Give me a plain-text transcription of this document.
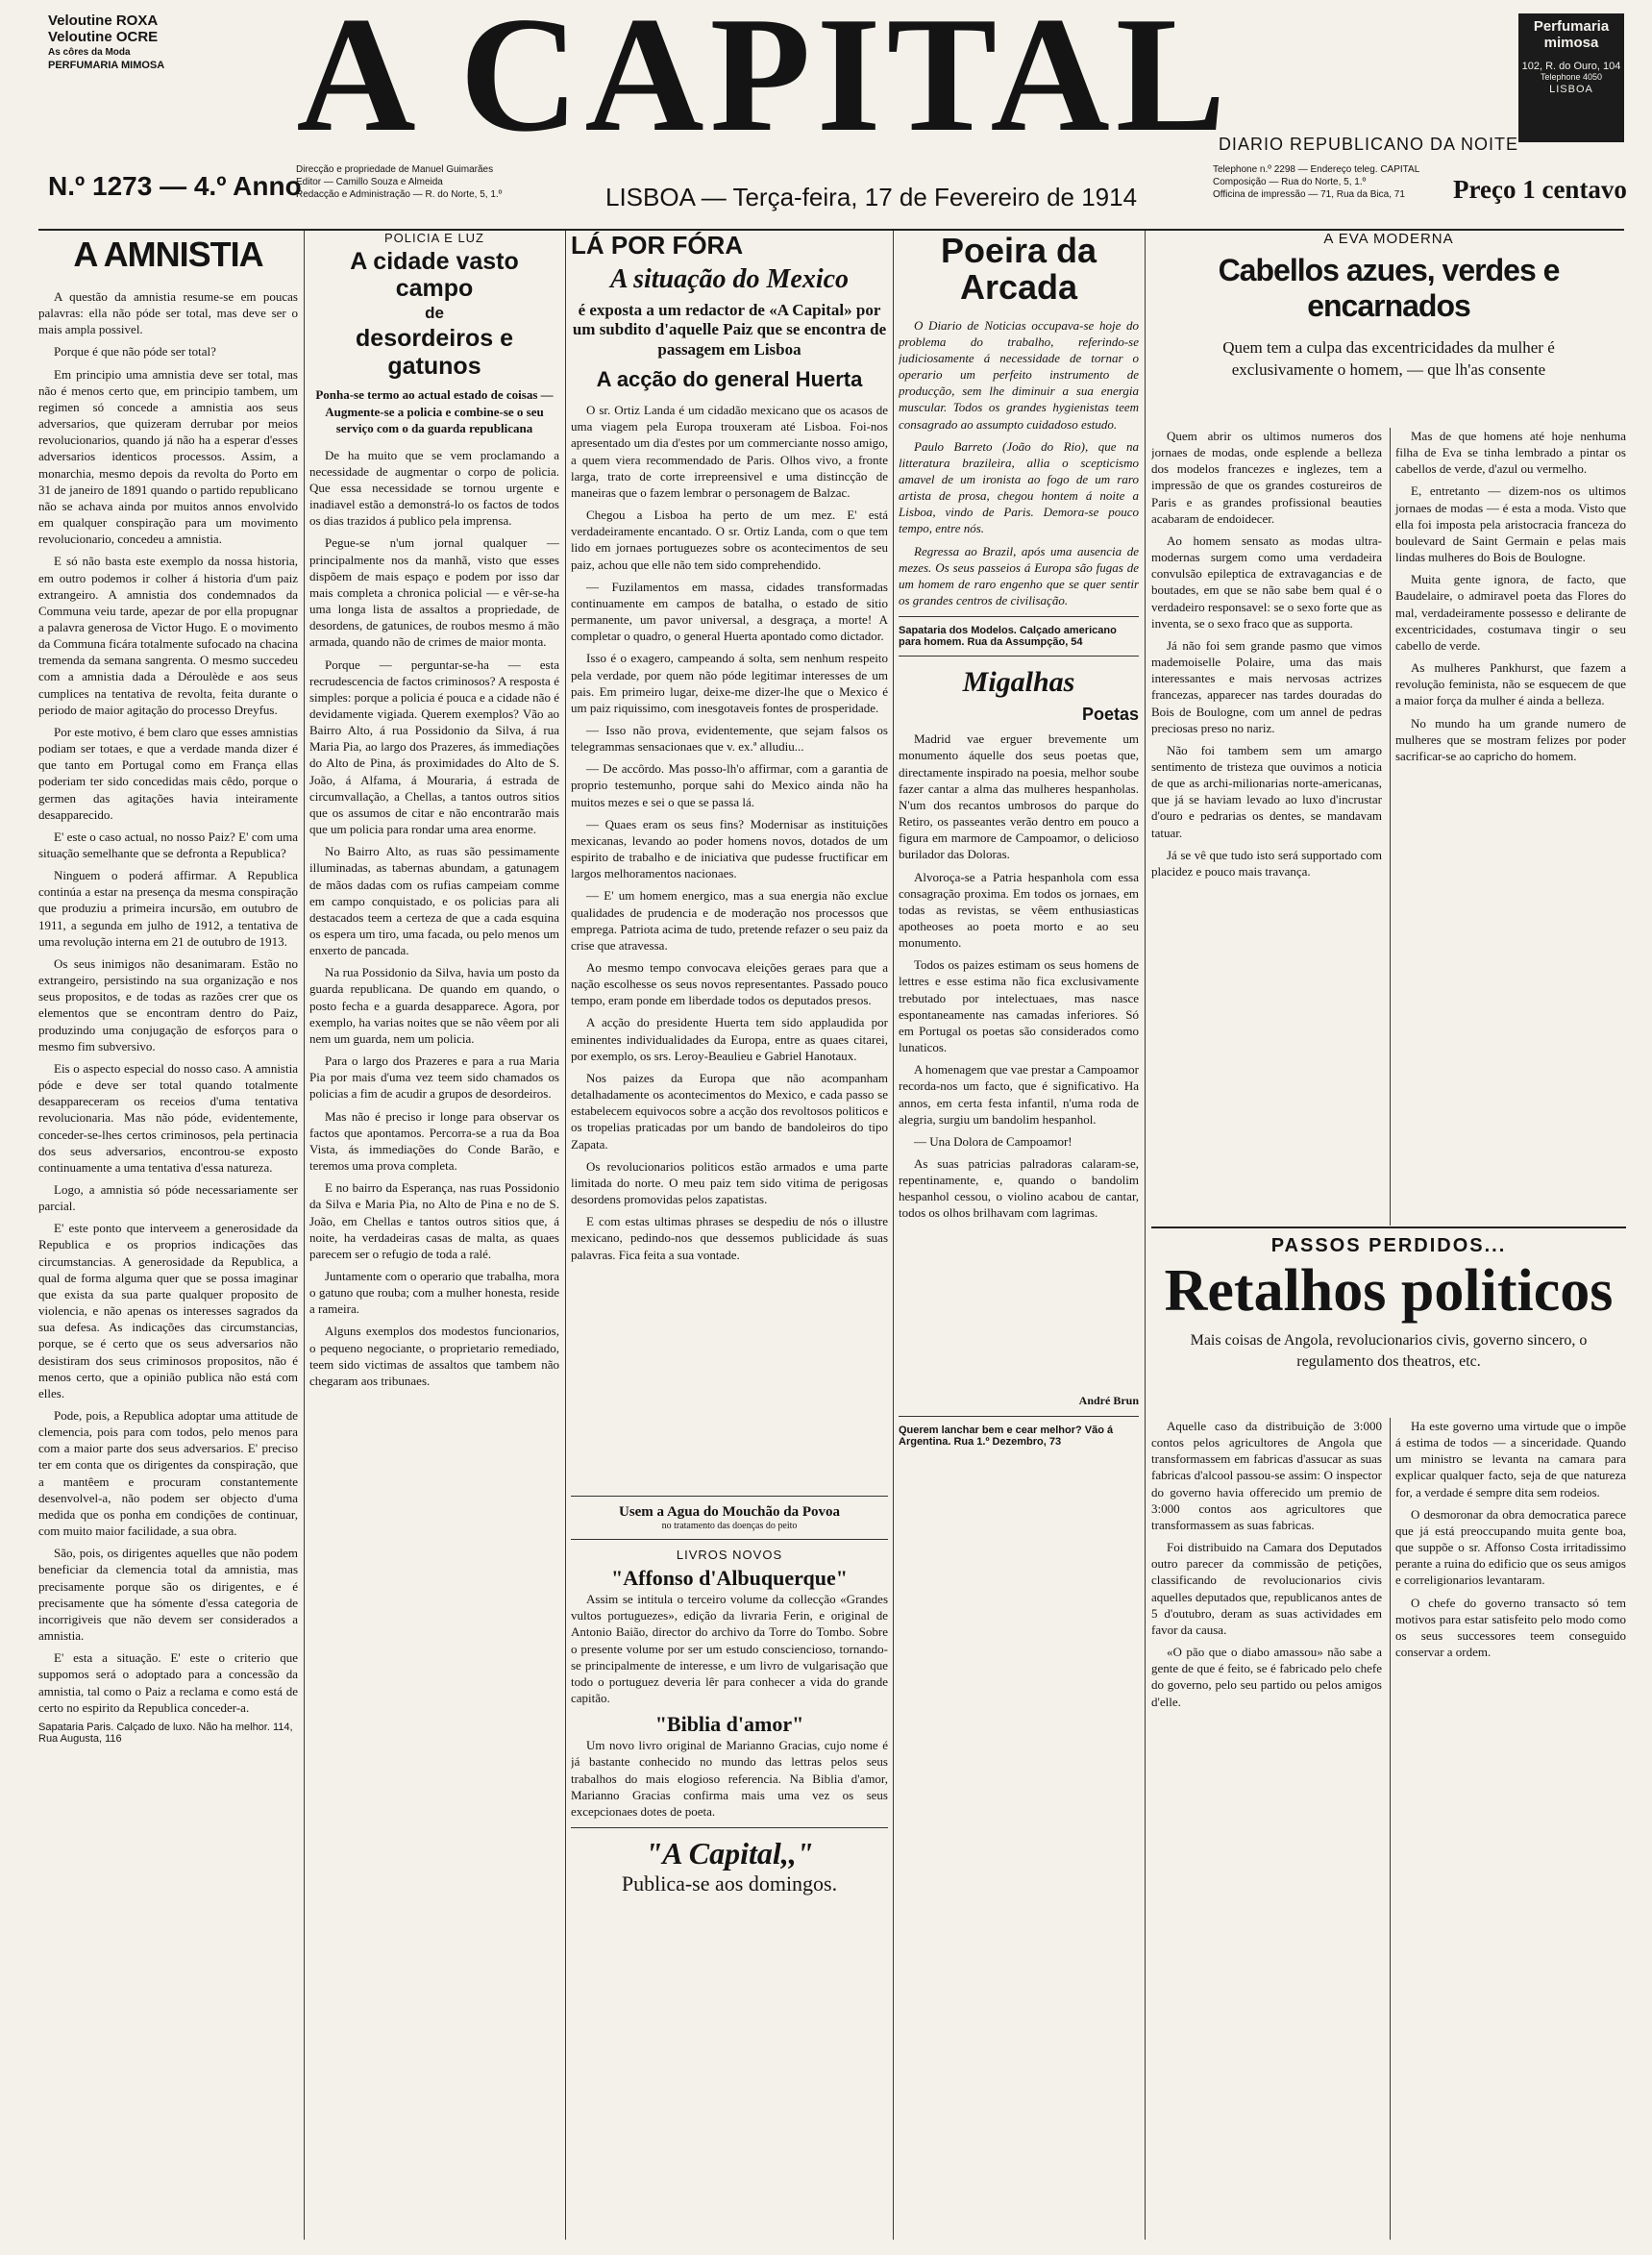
Veloutine ROXA
Veloutine OCRE
As côres da Moda
PERFUMARIA MIMOSA A CAPITAL
DIARIO REPUBLICANO DA NOITE
Perfumaria mimosa
102, R. do Ouro, 104
Telephone 4050
LISBOA
N.º 1273 — 4.º Anno
Direcção e propriedade de Manuel Guimarães
Editor — Camillo Souza e Almeida
Redacção e Administração — R. do Norte, 5, 1.º	LISBOA — Terça-feira, 17 de Fevereiro de 1914
Telephone n.º 2298 — Endereço teleg. CAPITAL
Composição — Rua do Norte, 5, 1.º
Officina de impressão — 71, Rua da Bica, 71	Preço 1 centavo
A AMNISTIA

A questão da amnistia resume-se em poucas palavras: ella não póde ser total, mas deve ser o mais ampla possivel.

Porque é que não póde ser total?

Em principio uma amnistia deve ser total, mas não é menos certo que, em principio tambem, um regimen só concede a amnistia aos seus adversarios, que quizeram derrubar por meios revolucionarios, quando já não ha a esperar d'esses adversarios identicos processos. Assim, a monarchia, mesmo depois da revolta do Porto em 31 de janeiro de 1891 quando o partido republicano não se achava ainda por muitos annos envolvido em qualquer conspiração para um movimento revolucionario, concedeu a amnistia.

E só não basta este exemplo da nossa historia, em outro podemos ir colher á historia d'um paiz extrangeiro. A amnistia dos condemnados da Communa veiu tarde, apezar de por ella propugnar a palavra generosa de Victor Hugo. E o movimento da Communa ficára totalmente sufocado na chacina tremenda da semana sangrenta. O mesmo succedeu com a amnistia dada a Déroulède e aos seus cumplices na tentativa de revolta, feita durante o periodo de maior agitação do processo Dreyfus.

Por este motivo, é bem claro que esses amnistias podiam ser totaes, e que a verdade manda dizer é que tanto em Portugal como em França ellas poderiam ter sido concedidas mais cêdo, porque o germen das agitações havia inteiramente desapparecido.

E' este o caso actual, no nosso Paiz? E' com uma situação semelhante que se defronta a Republica?

Ninguem o poderá affirmar. A Republica continúa a estar na presença da mesma conspiração que produziu a primeira incursão, em outubro de 1911, a segunda em julho de 1912, a tentativa de uma revolução interna em 21 de outubro de 1913.

Os seus inimigos não desanimaram. Estão no extrangeiro, persistindo na sua organização e nos seus propositos, e de todas as razões crer que os elementos que se encontram dentro do Paiz, produzindo uma conjugação de esforços para o mesmo fim subversivo.

Eis o aspecto especial do nosso caso. A amnistia póde e deve ser total quando totalmente desappareceram os receios d'uma tentativa revolucionaria. Mas não póde, evidentemente, conceder-se-lhes certos criminosos, pela pertinacia dos seus adversarios, encontrou-se exposto continuamente a uma tentativa d'essa natureza.

Logo, a amnistia só póde necessariamente ser parcial.

E' este ponto que interveem a generosidade da Republica e os proprios indicações das circumstancias. A generosidade da Republica, a qual de forma alguma quer que se possa imaginar que exista da sua parte qualquer proposito de violencia, e não apenas os interesses sagrados da sua defesa. As indicações das circumstancias, porque, se é certo que os seus adversarios não desistiram dos seus criminosos propositos, não é menos certo, que a opinião publica não está com elles.

Pode, pois, a Republica adoptar uma attitude de clemencia, pois para com todos, pelo menos para com a maior parte dos seus adversarios. E' preciso ter em conta que os dirigentes da conspiração, que a mantêem e procuram constantemente desenvolvel-a, não podem ser objecto d'uma medida que os ponha em condições de continuar, com muito maior facilidade, a sua obra.

São, pois, os dirigentes aquelles que não podem beneficiar da clemencia total da amnistia, mas precisamente porque são os dirigentes, e é precisamente que ha sómente d'essa categoria de incorrigiveis que não devem ser considerados a amnistia.

E' esta a situação. E' este o criterio que suppomos será o adoptado para a concessão da amnistia, tal como o Paiz a reclama e como está de certo no espirito da Republica conceder-a.

Sapataria Paris. Calçado de luxo. Não ha melhor. 114, Rua Augusta, 116
POLICIA E LUZ
A cidade vasto campo
de
desordeiros e gatunos
Ponha-se termo ao actual estado de coisas — Augmente-se a policia e combine-se o seu serviço com o da guarda republicana

De ha muito que se vem proclamando a necessidade de augmentar o corpo de policia. Que essa necessidade se tornou urgente e inadiavel estão a demonstrá-lo os factos de todos os dias trazidos á publico pela imprensa.

Pegue-se n'um jornal qualquer — principalmente nos da manhã, visto que esses dispõem de mais espaço e podem por isso dar mais completa a chronica policial — e vêr-se-ha uma longa lista de assaltos a propriedade, de desordens, de gatunices, de roubos mesmo á mão armada, quando não de crimes de maior monta.

Porque — perguntar-se-ha — esta recrudescencia de factos criminosos? A resposta é simples: porque a policia é pouca e a cidade não é devidamente vigiada. Querem exemplos? Vão ao Bairro Alto, á rua Possidonio da Silva, á rua Maria Pia, ao largo dos Prazeres, ás immediações do Alto de Pina, ás proximidades do Alto de S. João, á Alfama, á Mouraria, á estrada de circumvallação, a Chellas, a tantos outros sitios que os assumos de citar e não encontrarão mais que um policia para rondar uma area enorme.

No Bairro Alto, as ruas são pessimamente illuminadas, as tabernas abundam, a gatunagem de mãos dadas com os rufias campeiam comme em campo conquistado, e os policias para ali destacados teem a certeza de que a cada esquina os espera um tiro, uma facada, ou pelo menos um enxerto de pancada.

Na rua Possidonio da Silva, havia um posto da guarda republicana. De quando em quando, o posto fecha e a guarda desapparece. Agora, por exemplo, ha varias noites que se não vêem por ali nem um guarda, nem um policia.

Para o largo dos Prazeres e para a rua Maria Pia por mais d'uma vez teem sido chamados os policias a fim de acudir a grupos de desordeiros.

Mas não é preciso ir longe para observar os factos que apontamos. Percorra-se a rua da Boa Vista, ás immediações do Conde Barão, e teremos uma prova completa.

E no bairro da Esperança, nas ruas Possidonio da Silva e Maria Pia, no Alto de Pina e no de S. João, em Chellas e tantos outros sitios que, á noite, ha verdadeiras casas de malta, as quaes parecem ser o refugio de toda a ralé.

Juntamente com o operario que trabalha, mora o gatuno que rouba; com a mulher honesta, reside a rameira.

Alguns exemplos dos modestos funcionarios, o pequeno negociante, o proprietario remediado, teem sido victimas de assaltos que tambem não chegaram aos tribunaes.

LÁ POR FÓRA
A situação do Mexico
é exposta a um redactor de «A Capital» por um subdito d'aquelle Paiz que se encontra de passagem em Lisboa
A acção do general Huerta

O sr. Ortiz Landa é um cidadão mexicano que os acasos de uma viagem pela Europa trouxeram até Lisboa. Foi-nos apresentado um dia d'estes por um commerciante nosso amigo, a quem viera recommendado de Paris. Olhos vivo, a fronte larga, trato de corte irrepreensivel e uma distincção de maneiras que o fazem lembrar o personagem de Balzac.

Chegou a Lisboa ha perto de um mez. E' está verdadeiramente encantado. O sr. Ortiz Landa, com o que tem lido em jornaes portuguezes sobre os acontecimentos de seu paiz, achou que elle não tem sido comprehendido.

— Fuzilamentos em massa, cidades transformadas continuamente em campos de batalha, o estado de sitio permanente, um pavor universal, a desgraça, a morte! A completar o quadro, o general Huerta apontado como dictador.

Isso é o exagero, campeando á solta, sem nenhum respeito pela verdade, por quem não póde legitimar interesses de um pais. Em primeiro lugar, deixe-me dizer-lhe que o Mexico é um paiz riquissimo, com inesgotaveis fontes de prosperidade.

— Isso não prova, evidentemente, que sejam falsos os telegrammas sensacionaes que v. ex.ª alludiu...

— De accôrdo. Mas posso-lh'o affirmar, com a garantia de proprio testemunho, porque sahi do Mexico ainda não ha muitos mezes e sei o que se passa lá.

— Quaes eram os seus fins? Modernisar as instituições mexicanas, levando ao poder homens novos, dotados de um espirito de trabalho e de iniciativa que pudesse fructificar em largos melhoramentos nacionaes.

— E' um homem energico, mas a sua energia não exclue qualidades de prudencia e de moderação nos processos que emprega. Patriota acima de tudo, pretende refazer o seu paiz da crise que atravessa.

Ao mesmo tempo convocava eleições geraes para que a nação escolhesse os seus novos representantes. Passado pouco tempo, eram ponde em liberdade todos os deputados presos.

A acção do presidente Huerta tem sido applaudida por eminentes individualidades da Europa, entre as quaes citarei, por exemplo, os srs. Leroy-Beaulieu e Gabriel Hanotaux.

Nos paizes da Europa que não acompanham detalhadamente os acontecimentos do Mexico, e cada passo se estabelecem equivocos sobre a acção dos revoltosos politicos e os tropelias praticadas por um bando de bandoleiros do tipo Zapata.

Os revolucionarios politicos estão armados e uma parte limitada do norte. O meu paiz tem sido vitima de perigosas desordens promovidas pelos zapatistas.

E com estas ultimas phrases se despediu de nós o illustre mexicano, pedindo-nos que dessemos publicidade ás suas palavras. Fica feita a sua vontade.

Usem a Agua do Mouchão da Povoa
no tratamento das doenças do peito
LIVROS NOVOS
"Affonso d'Albuquerque"

Assim se intitula o terceiro volume da collecção «Grandes vultos portuguezes», edição da livraria Ferin, e original de Antonio Baião, director do archivo da Torre do Tombo. Sobre o presente volume por ser um estudo consciencioso, tornando-se principalmente de interesse, e um livro de vulgarisação que todo o portuguez deveria lêr para conhecer a vida do grande capitão.

"Biblia d'amor"

Um novo livro original de Marianno Gracias, cujo nome é já bastante conhecido no mundo das lettras pelos seus trabalhos do mais elogioso referencia. Na Biblia d'amor, Marianno Gracias confirma mais uma vez os seus excepcionaes dotes de poeta.

"A Capital,,"
Publica-se aos domingos.
Poeira da Arcada

O Diario de Noticias occupava-se hoje do problema do trabalho, referindo-se judiciosamente á necessidade de tornar o operario um perfeito instrumento de producção, sem lhe diminuir a sua energia muscular. Todos os grandes hygienistas teem consagrado ao assumpto cuidadoso estudo.

Paulo Barreto (João do Rio), que na litteratura brazileira, allia o scepticismo amavel de um ironista ao fogo de um raro artista de prosa, chegou hontem á noite a Lisboa, vindo de Paris. Demora-se pouco tempo, entre nós.

Regressa ao Brazil, após uma ausencia de mezes. Os seus passeios á Europa são fugas de um homem de raro engenho que se quer sentir os grandes centros de civilisação.

Sapataria dos Modelos. Calçado americano para homem. Rua da Assumpção, 54
Migalhas
Poetas

Madrid vae erguer brevemente um monumento áquelle dos seus poetas que, directamente inspirado na poesia, melhor soube fazer cantar a alma das mulheres hespanholas. N'um dos recantos umbrosos do parque do Retiro, os passeantes verão dentro em pouco a figura em marmore de Campoamor, o delicioso burilador das Doloras.

Alvoroça-se a Patria hespanhola com essa consagração proxima. Em todos os jornaes, em todas as revistas, se vêem enthusiasticas apotheoses ao poeta morto e ao seu monumento.

Todos os paizes estimam os seus homens de lettres e esse estima não fica exclusivamente trebutado por intelectuaes, mas nasce espontaneamente nas camadas inferiores. Só em Portugal os poetas são considerados como lunaticos.

A homenagem que vae prestar a Campoamor recorda-nos um facto, que é significativo. Ha annos, em certa festa infantil, n'uma roda de alegria, surgiu um bandolim hespanhol.

— Una Dolora de Campoamor!

As suas patricias palradoras calaram-se, repentinamente, e, quando o bandolim hespanhol cessou, o violino acabou de cantar, todos os olhos brilhavam com lagrimas.

André Brun
Querem lanchar bem e cear melhor? Vão á Argentina. Rua 1.º Dezembro, 73
A EVA MODERNA
Cabellos azues, verdes e encarnados
Quem tem a culpa das excentricidades da mulher é exclusivamente o homem, — que lh'as consente

Quem abrir os ultimos numeros dos jornaes de modas, onde esplende a belleza dos modelos francezes e inglezes, tem a impressão de que os grandes costureiros de Paris e as grandes profissional beauties acabaram de endoidecer.

Ao homem sensato as modas ultra-modernas surgem como uma verdadeira convulsão epileptica de extravagancias e de boutades, em que se não sabe bem qual é o verdadeiro responsavel: se o sexo forte que as inventa, se o sexo fraco que as supporta.

Já não foi sem grande pasmo que vimos mademoiselle Polaire, uma das mais interessantes e mais nervosas actrizes francezas, apparecer nas tardes douradas do Bois de Boulogne, com um annel de pedras preciosas preso no nariz.

Não foi tambem sem um amargo sentimento de tristeza que ouvimos a noticia de que as archi-milionarias norte-americanas, que já se haviam levado ao luxo d'incrustar d'ouro e pedrarias os dentes, se mandavam tatuar.

Já se vê que tudo isto será supportado com placidez e pouco mais travança.

Mas de que homens até hoje nenhuma filha de Eva se tinha lembrado a pintar os cabellos de verde, d'azul ou vermelho.

E, entretanto — dizem-nos os ultimos jornaes de modas — é esta a moda. Visto que ella foi imposta pela aristocracia franceza do boulevard de Saint Germain e pelas mais lindas mulheres do Bois de Boulogne.

Muita gente ignora, de facto, que Baudelaire, o admiravel poeta das Flores do mal, verdadeiramente possesso e delirante de excentricidades, costumava tingir o seu cabello de verde.

As mulheres Pankhurst, que fazem a revolução feminista, não se esquecem de que a maior força da mulher é ainda a belleza.

No mundo ha um grande numero de mulheres que se mostram felizes por poder sacrificar-se ao capricho do homem.

PASSOS PERDIDOS...
Retalhos politicos
Mais coisas de Angola, revolucionarios civis, governo sincero, o regulamento dos theatros, etc.

Aquelle caso da distribuição de 3:000 contos pelos agricultores de Angola que transformassem em fabricas d'assucar as suas fabricas d'alcool passou-se assim: O inspector do governo havia offerecido um premio de 3:000 contos aos agricultores que transformassem as suas fabricas.

Foi distribuido na Camara dos Deputados outro parecer da commissão de petições, classificando de revolucionarios civis aquelles deputados que, republicanos antes de 5 d'outubro, deram as suas actividades em favor da causa.

«O pão que o diabo amassou» não sabe a gente de que é feito, se é fabricado pelo chefe do governo, pelo seu partido ou pelos amigos d'elle.

Ha este governo uma virtude que o impõe á estima de todos — a sinceridade. Quando um ministro se levanta na camara para explicar qualquer facto, seja de que natureza for, a verdade é sempre dita sem rodeios.

O desmoronar da obra democratica parece que já está preoccupando muita gente boa, que suppõe o sr. Affonso Costa irritadissimo perante a ruina do edificio que os seus amigos e correligionarios levantaram.

O chefe do governo transacto só tem motivos para estar satisfeito pelo modo como os seus successores teem conseguido conservar a ordem.
